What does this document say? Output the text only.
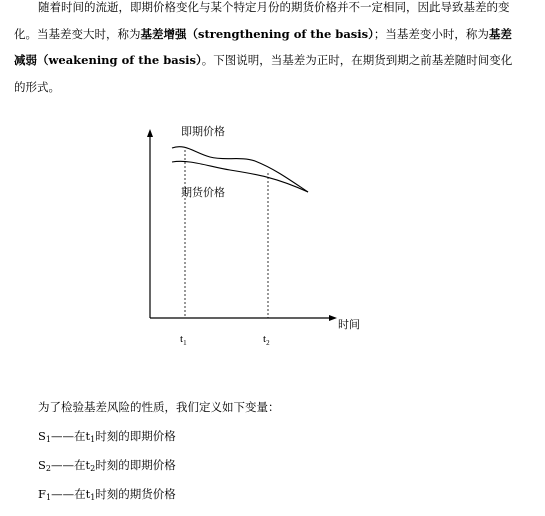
随着时间的流逝，即期价格变化与某个特定月份的期货价格并不一定相同，因此导致基差的变化。当基差变大时，称为基差增强（strengthening of the basis）；当基差变小时，称为基差减弱（weakening of the basis）。下图说明，当基差为正时，在期货到期之前基差随时间变化的形式。
即期价格
期货价格
时间
$t_1$	$t_2$
为了检验基差风险的性质，我们定义如下变量：
$S_1——$在$t_1$时刻的即期价格
$S_2——$在$t_2$时刻的即期价格
$F_1——$在$t_1$时刻的期货价格
